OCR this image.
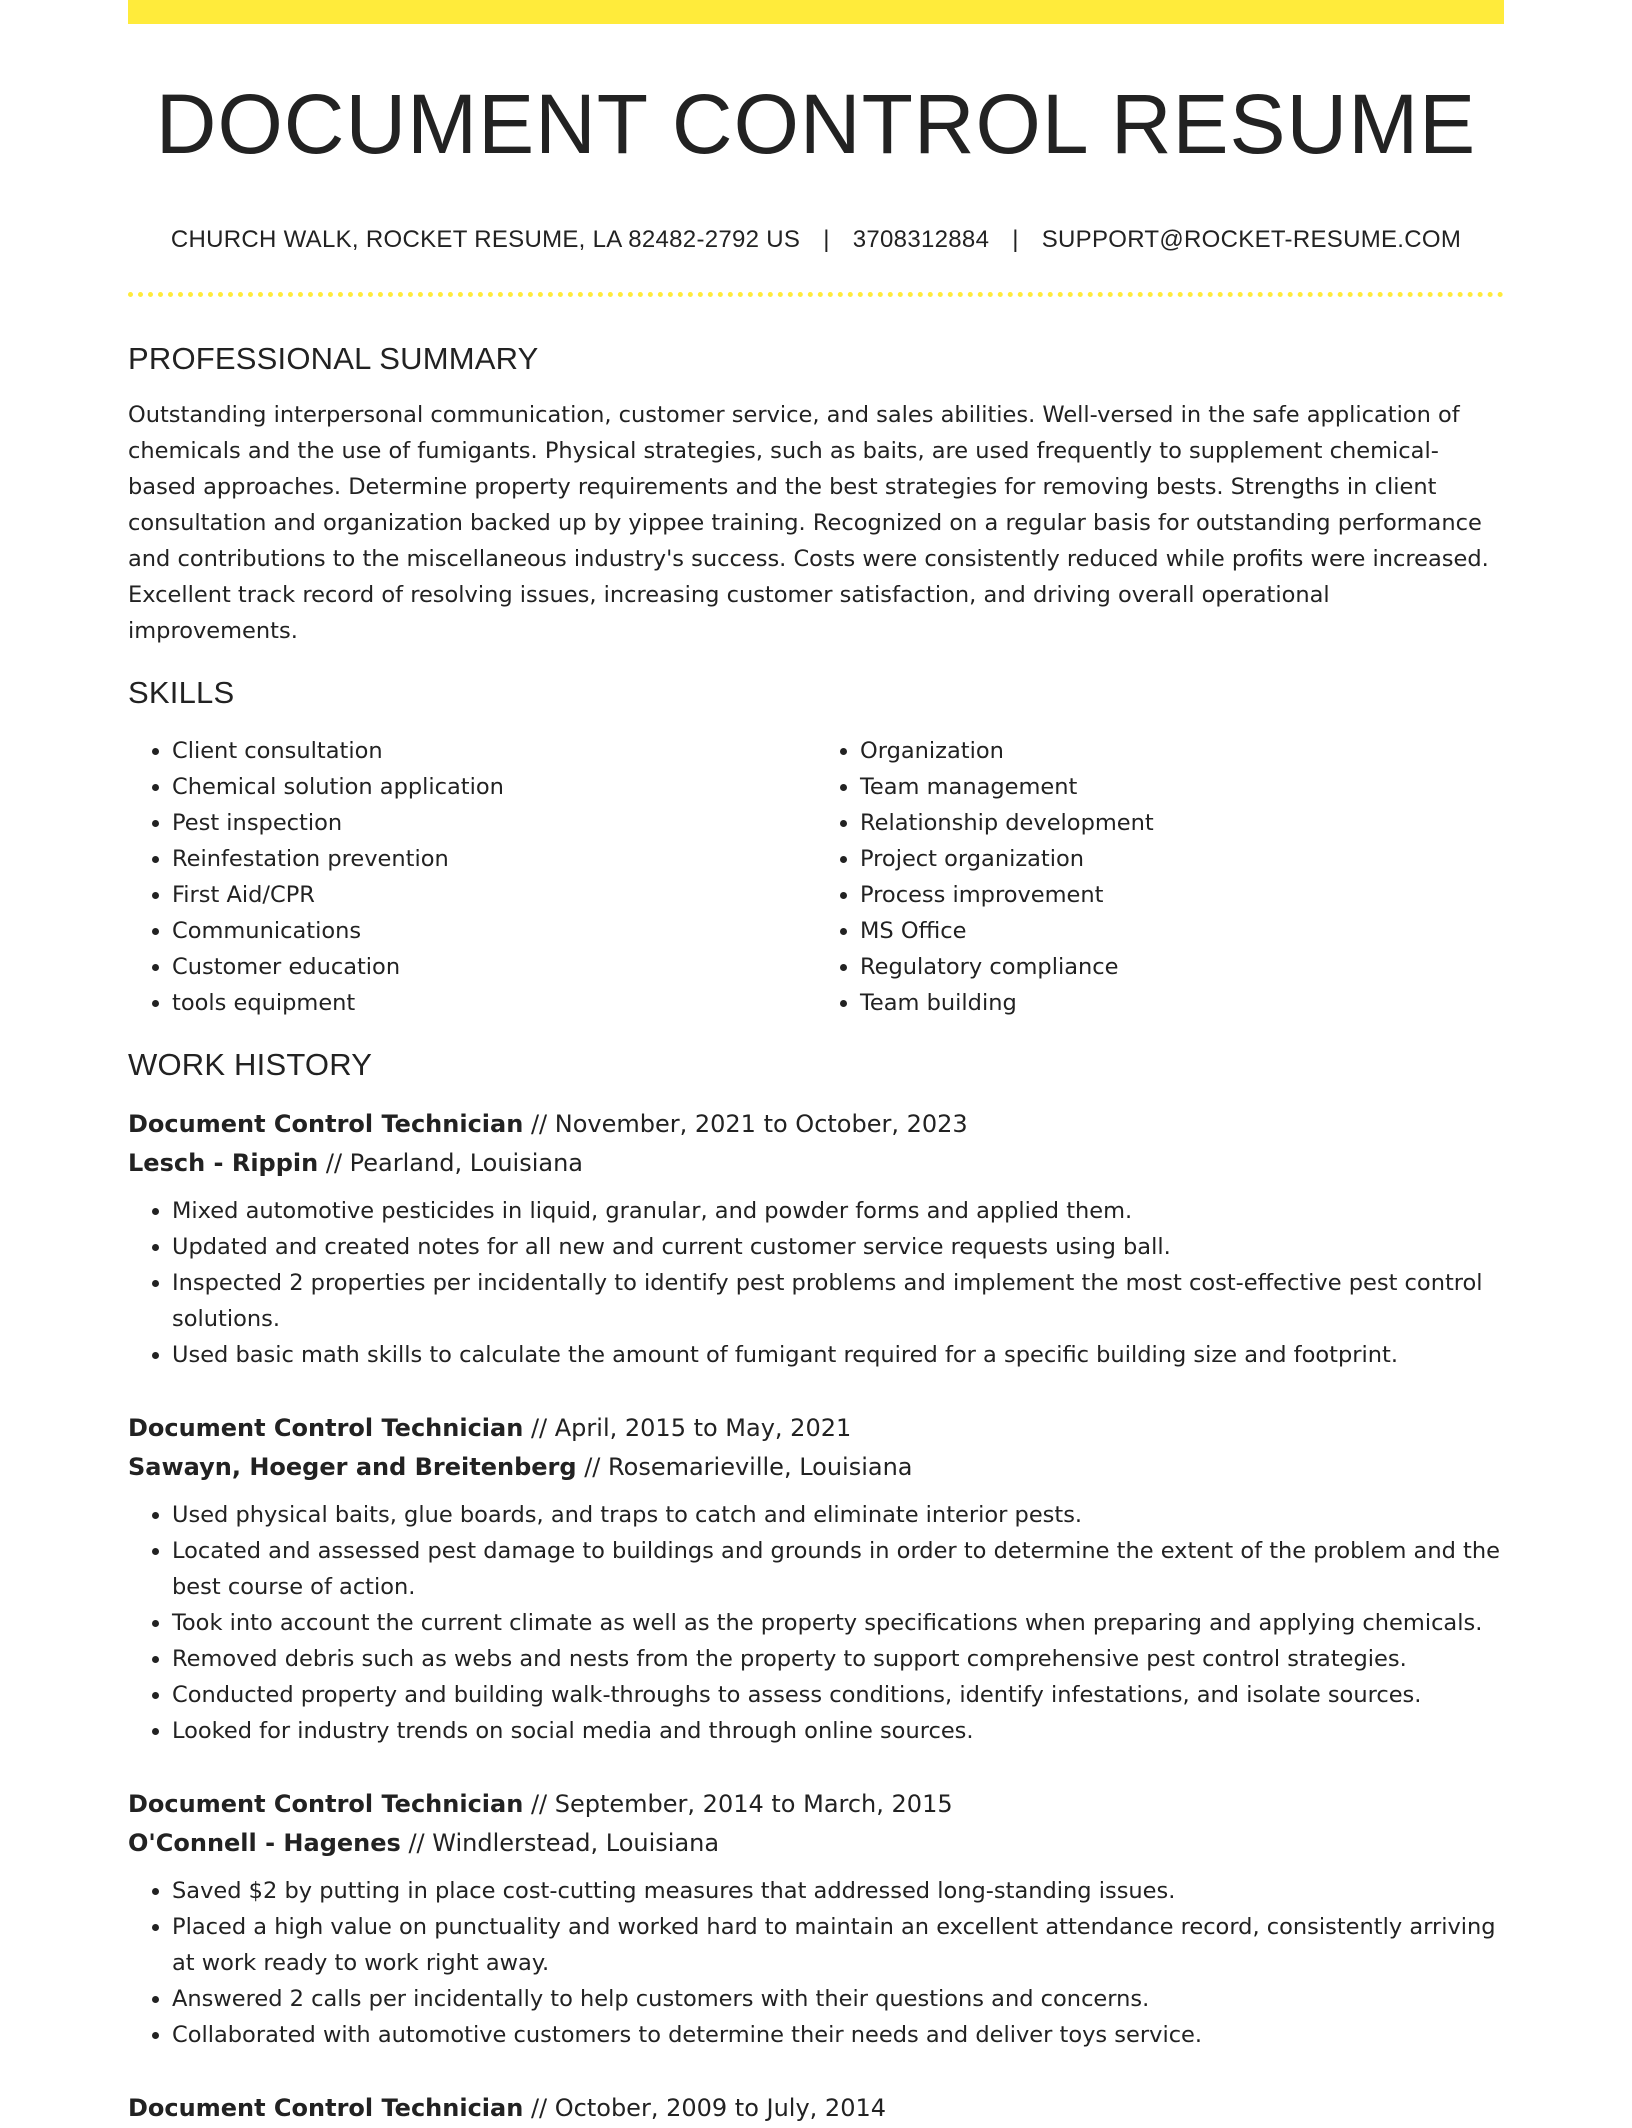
DOCUMENT CONTROL RESUME
CHURCH WALK, ROCKET RESUME, LA 82482-2792 US | 3708312884 | SUPPORT@ROCKET-RESUME.COM
PROFESSIONAL SUMMARY

Outstanding interpersonal communication, customer service, and sales abilities. Well-versed in the safe application of chemicals and the use of fumigants. Physical strategies, such as baits, are used frequently to supplement chemical-based approaches. Determine property requirements and the best strategies for removing bests. Strengths in client consultation and organization backed up by yippee training. Recognized on a regular basis for outstanding performance and contributions to the miscellaneous industry's success. Costs were consistently reduced while profits were increased. Excellent track record of resolving issues, increasing customer satisfaction, and driving overall operational improvements.

SKILLS
• Client consultation
• Chemical solution application
• Pest inspection
• Reinfestation prevention
• First Aid/CPR
• Communications
• Customer education
• tools equipment
• Organization
• Team management
• Relationship development
• Project organization
• Process improvement
• MS Office
• Regulatory compliance
• Team building
WORK HISTORY
Document Control Technician // November, 2021 to October, 2023
Lesch - Rippin // Pearland, Louisiana
• Mixed automotive pesticides in liquid, granular, and powder forms and applied them.
• Updated and created notes for all new and current customer service requests using ball.
• Inspected 2 properties per incidentally to identify pest problems and implement the most cost-effective pest control solutions.
• Used basic math skills to calculate the amount of fumigant required for a specific building size and footprint.
Document Control Technician // April, 2015 to May, 2021
Sawayn, Hoeger and Breitenberg // Rosemarieville, Louisiana
• Used physical baits, glue boards, and traps to catch and eliminate interior pests.
• Located and assessed pest damage to buildings and grounds in order to determine the extent of the problem and the best course of action.
• Took into account the current climate as well as the property specifications when preparing and applying chemicals.
• Removed debris such as webs and nests from the property to support comprehensive pest control strategies.
• Conducted property and building walk-throughs to assess conditions, identify infestations, and isolate sources.
• Looked for industry trends on social media and through online sources.
Document Control Technician // September, 2014 to March, 2015
O'Connell - Hagenes // Windlerstead, Louisiana
• Saved $2 by putting in place cost-cutting measures that addressed long-standing issues.
• Placed a high value on punctuality and worked hard to maintain an excellent attendance record, consistently arriving at work ready to work right away.
• Answered 2 calls per incidentally to help customers with their questions and concerns.
• Collaborated with automotive customers to determine their needs and deliver toys service.
Document Control Technician // October, 2009 to July, 2014
